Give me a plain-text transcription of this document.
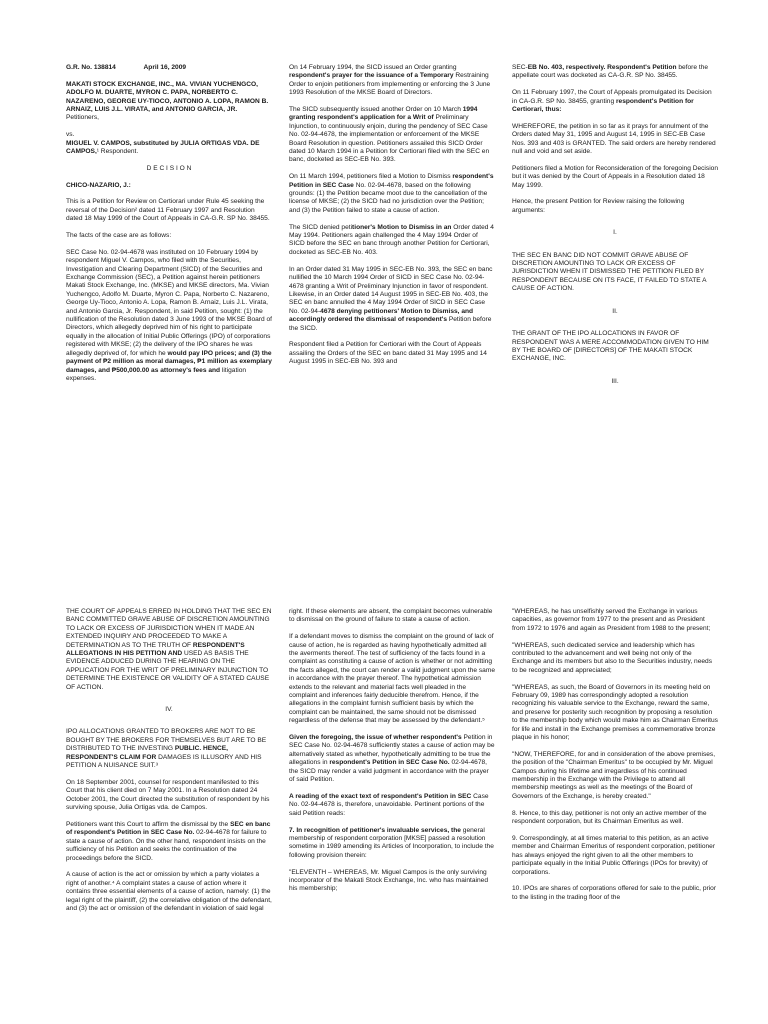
G.R. No. 138814	April 16, 2009

MAKATI STOCK EXCHANGE, INC., MA. VIVIAN YUCHENGCO, ADOLFO M. DUARTE, MYRON C. PAPA, NORBERTO C. NAZARENO, GEORGE UY-TIOCO, ANTONIO A. LOPA, RAMON B. ARNAIZ, LUIS J.L. VIRATA, and ANTONIO GARCIA, JR. Petitioners,

vs.

MIGUEL V. CAMPOS, substituted by JULIA ORTIGAS VDA. DE CAMPOS,¹ Respondent.

D E C I S I O N

CHICO-NAZARIO, J.:

This is a Petition for Review on Certiorari under Rule 45 seeking the reversal of the Decision² dated 11 February 1997 and Resolution dated 18 May 1999 of the Court of Appeals in CA-G.R. SP No. 38455.

The facts of the case are as follows:

SEC Case No. 02-94-4678 was instituted on 10 February 1994 by respondent Miguel V. Campos, who filed with the Securities, Investigation and Clearing Department (SICD) of the Securities and Exchange Commission (SEC), a Petition against herein petitioners Makati Stock Exchange, Inc. (MKSE) and MKSE directors, Ma. Vivian Yuchengco, Adolfo M. Duarte, Myron C. Papa, Norberto C. Nazareno, George Uy-Tioco, Antonio A. Lopa, Ramon B. Arnaiz, Luis J.L. Virata, and Antonio Garcia, Jr. Respondent, in said Petition, sought: (1) the nullification of the Resolution dated 3 June 1993 of the MKSE Board of Directors, which allegedly deprived him of his right to participate equally in the allocation of Initial Public Offerings (IPO) of corporations registered with MKSE; (2) the delivery of the IPO shares he was allegedly deprived of, for which he would pay IPO prices; and (3) the payment of ₱2 million as moral damages, ₱1 million as exemplary damages, and ₱500,000.00 as attorney's fees and litigation expenses.

On 14 February 1994, the SICD issued an Order granting respondent's prayer for the issuance of a Temporary Restraining Order to enjoin petitioners from implementing or enforcing the 3 June 1993 Resolution of the MKSE Board of Directors.

The SICD subsequently issued another Order on 10 March 1994 granting respondent's application for a Writ of Preliminary Injunction, to continuously enjoin, during the pendency of SEC Case No. 02-94-4678, the implementation or enforcement of the MKSE Board Resolution in question. Petitioners assailed this SICD Order dated 10 March 1994 in a Petition for Certiorari filed with the SEC en banc, docketed as SEC-EB No. 393.

On 11 March 1994, petitioners filed a Motion to Dismiss respondent's Petition in SEC Case No. 02-94-4678, based on the following grounds: (1) the Petition became moot due to the cancellation of the license of MKSE; (2) the SICD had no jurisdiction over the Petition; and (3) the Petition failed to state a cause of action.

The SICD denied petitioner's Motion to Dismiss in an Order dated 4 May 1994. Petitioners again challenged the 4 May 1994 Order of SICD before the SEC en banc through another Petition for Certiorari, docketed as SEC-EB No. 403.

In an Order dated 31 May 1995 in SEC-EB No. 393, the SEC en banc nullified the 10 March 1994 Order of SICD in SEC Case No. 02-94-4678 granting a Writ of Preliminary Injunction in favor of respondent. Likewise, in an Order dated 14 August 1995 in SEC-EB No. 403, the SEC en banc annulled the 4 May 1994 Order of SICD in SEC Case No. 02-94-4678 denying petitioners' Motion to Dismiss, and accordingly ordered the dismissal of respondent's Petition before the SICD.

Respondent filed a Petition for Certiorari with the Court of Appeals assailing the Orders of the SEC en banc dated 31 May 1995 and 14 August 1995 in SEC-EB No. 393 and

SEC-EB No. 403, respectively. Respondent's Petition before the appellate court was docketed as CA-G.R. SP No. 38455.

On 11 February 1997, the Court of Appeals promulgated its Decision in CA-G.R. SP No. 38455, granting respondent's Petition for Certiorari, thus:

WHEREFORE, the petition in so far as it prays for annulment of the Orders dated May 31, 1995 and August 14, 1995 in SEC-EB Case Nos. 393 and 403 is GRANTED. The said orders are hereby rendered null and void and set aside.

Petitioners filed a Motion for Reconsideration of the foregoing Decision but it was denied by the Court of Appeals in a Resolution dated 18 May 1999.

Hence, the present Petition for Review raising the following arguments:

I.

THE SEC EN BANC DID NOT COMMIT GRAVE ABUSE OF DISCRETION AMOUNTING TO LACK OR EXCESS OF JURISDICTION WHEN IT DISMISSED THE PETITION FILED BY RESPONDENT BECAUSE ON ITS FACE, IT FAILED TO STATE A CAUSE OF ACTION.

II.

THE GRANT OF THE IPO ALLOCATIONS IN FAVOR OF RESPONDENT WAS A MERE ACCOMMODATION GIVEN TO HIM BY THE BOARD OF [DIRECTORS] OF THE MAKATI STOCK EXCHANGE, INC.

III.

THE COURT OF APPEALS ERRED IN HOLDING THAT THE SEC EN BANC COMMITTED GRAVE ABUSE OF DISCRETION AMOUNTING TO LACK OR EXCESS OF JURISDICTION WHEN IT MADE AN EXTENDED INQUIRY AND PROCEEDED TO MAKE A DETERMINATION AS TO THE TRUTH OF RESPONDENT'S ALLEGATIONS IN HIS PETITION AND USED AS BASIS THE EVIDENCE ADDUCED DURING THE HEARING ON THE APPLICATION FOR THE WRIT OF PRELIMINARY INJUNCTION TO DETERMINE THE EXISTENCE OR VALIDITY OF A STATED CAUSE OF ACTION.

IV.

IPO ALLOCATIONS GRANTED TO BROKERS ARE NOT TO BE BOUGHT BY THE BROKERS FOR THEMSELVES BUT ARE TO BE DISTRIBUTED TO THE INVESTING PUBLIC. HENCE, RESPONDENT'S CLAIM FOR DAMAGES IS ILLUSORY AND HIS PETITION A NUISANCE SUIT.³

On 18 September 2001, counsel for respondent manifested to this Court that his client died on 7 May 2001. In a Resolution dated 24 October 2001, the Court directed the substitution of respondent by his surviving spouse, Julia Ortigas vda. de Campos.

Petitioners want this Court to affirm the dismissal by the SEC en banc of respondent's Petition in SEC Case No. 02-94-4678 for failure to state a cause of action. On the other hand, respondent insists on the sufficiency of his Petition and seeks the continuation of the proceedings before the SICD.

A cause of action is the act or omission by which a party violates a right of another.⁴ A complaint states a cause of action where it contains three essential elements of a cause of action, namely: (1) the legal right of the plaintiff, (2) the correlative obligation of the defendant, and (3) the act or omission of the defendant in violation of said legal

right. If these elements are absent, the complaint becomes vulnerable to dismissal on the ground of failure to state a cause of action.

If a defendant moves to dismiss the complaint on the ground of lack of cause of action, he is regarded as having hypothetically admitted all the averments thereof. The test of sufficiency of the facts found in a complaint as constituting a cause of action is whether or not admitting the facts alleged, the court can render a valid judgment upon the same in accordance with the prayer thereof. The hypothetical admission extends to the relevant and material facts well pleaded in the complaint and inferences fairly deducible therefrom. Hence, if the allegations in the complaint furnish sufficient basis by which the complaint can be maintained, the same should not be dismissed regardless of the defense that may be assessed by the defendant.⁵

Given the foregoing, the issue of whether respondent's Petition in SEC Case No. 02-94-4678 sufficiently states a cause of action may be alternatively stated as whether, hypothetically admitting to be true the allegations in respondent's Petition in SEC Case No. 02-94-4678, the SICD may render a valid judgment in accordance with the prayer of said Petition.

A reading of the exact text of respondent's Petition in SEC Case No. 02-94-4678 is, therefore, unavoidable. Pertinent portions of the said Petition reads:

7. In recognition of petitioner's invaluable services, the general membership of respondent corporation [MKSE] passed a resolution sometime in 1989 amending its Articles of Incorporation, to include the following provision therein:

"ELEVENTH – WHEREAS, Mr. Miguel Campos is the only surviving incorporator of the Makati Stock Exchange, Inc. who has maintained his membership;

"WHEREAS, he has unselfishly served the Exchange in various capacities, as governor from 1977 to the present and as President from 1972 to 1976 and again as President from 1988 to the present;

"WHEREAS, such dedicated service and leadership which has contributed to the advancement and well being not only of the Exchange and its members but also to the Securities industry, needs to be recognized and appreciated;

"WHEREAS, as such, the Board of Governors in its meeting held on February 09, 1989 has correspondingly adopted a resolution recognizing his valuable service to the Exchange, reward the same, and preserve for posterity such recognition by proposing a resolution to the membership body which would make him as Chairman Emeritus for life and install in the Exchange premises a commemorative bronze plaque in his honor;

"NOW, THEREFORE, for and in consideration of the above premises, the position of the "Chairman Emeritus" to be occupied by Mr. Miguel Campos during his lifetime and irregardless of his continued membership in the Exchange with the Privilege to attend all membership meetings as well as the meetings of the Board of Governors of the Exchange, is hereby created."

8. Hence, to this day, petitioner is not only an active member of the respondent corporation, but its Chairman Emeritus as well.

9. Correspondingly, at all times material to this petition, as an active member and Chairman Emeritus of respondent corporation, petitioner has always enjoyed the right given to all the other members to participate equally in the Initial Public Offerings (IPOs for brevity) of corporations.

10. IPOs are shares of corporations offered for sale to the public, prior to the listing in the trading floor of the
